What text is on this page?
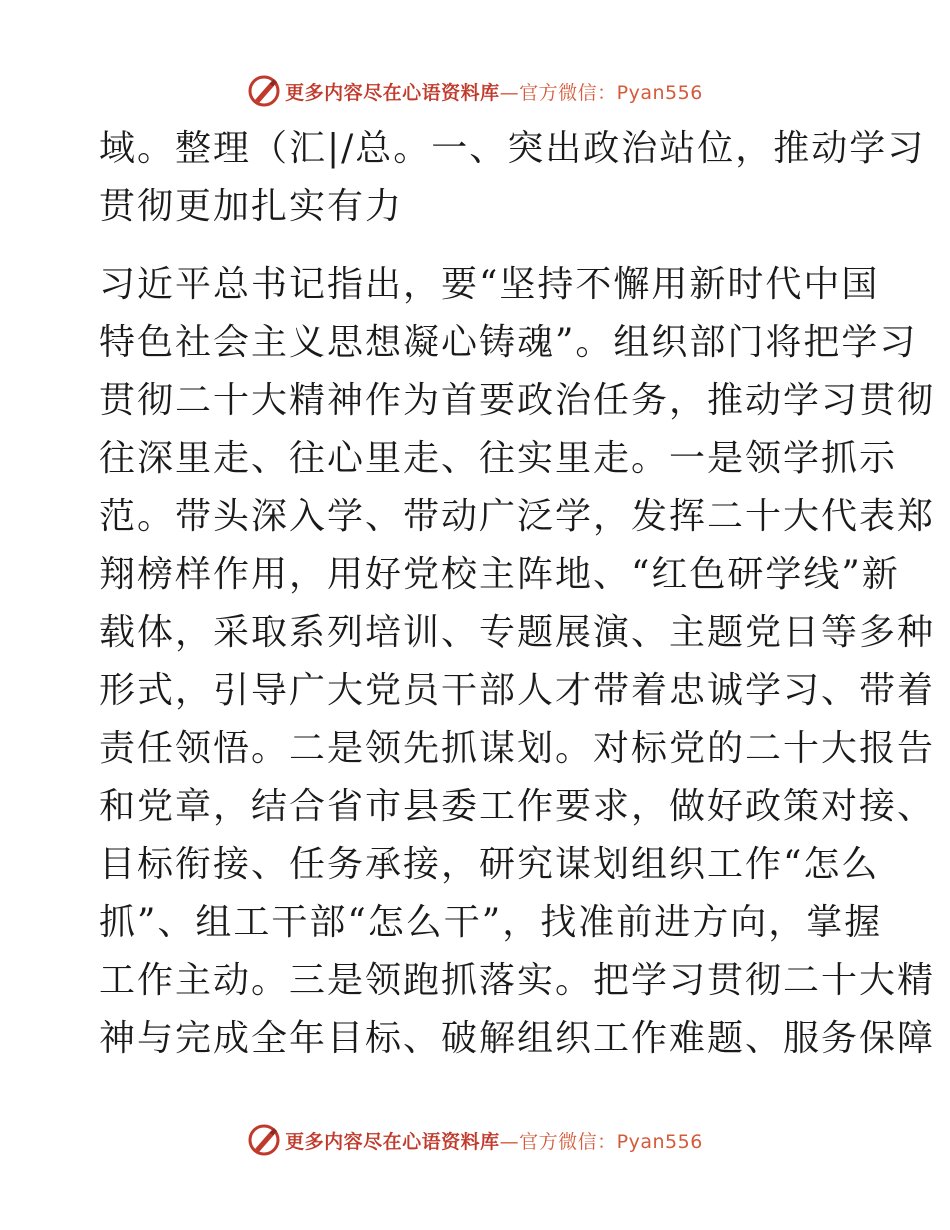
更多内容尽在心语资料库 —官方微信：Pyan556
域。整理（汇|/总。一、突出政治站位，推动学习
贯彻更加扎实有力
习近平总书记指出，要“坚持不懈用新时代中国
特色社会主义思想凝心铸魂”。组织部门将把学习
贯彻二十大精神作为首要政治任务，推动学习贯彻
往深里走、往心里走、往实里走。一是领学抓示
范。带头深入学、带动广泛学，发挥二十大代表郑
翔榜样作用，用好党校主阵地、“红色研学线”新
载体，采取系列培训、专题展演、主题党日等多种
形式，引导广大党员干部人才带着忠诚学习、带着
责任领悟。二是领先抓谋划。对标党的二十大报告
和党章，结合省市县委工作要求，做好政策对接、
目标衔接、任务承接，研究谋划组织工作“怎么
抓”、组工干部“怎么干”，找准前进方向，掌握
工作主动。三是领跑抓落实。把学习贯彻二十大精
神与完成全年目标、破解组织工作难题、服务保障
更多内容尽在心语资料库 —官方微信：Pyan556
